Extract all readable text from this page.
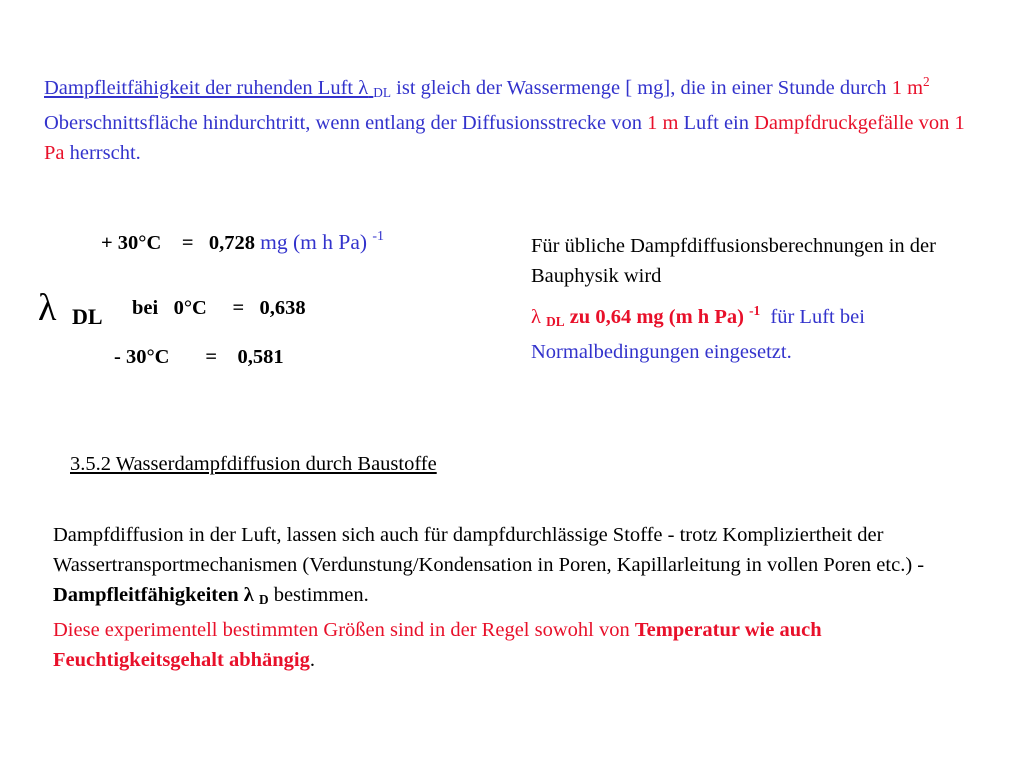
Dampfleitfähigkeit der ruhenden Luft λ $_{DL}$ ist gleich der Wassermenge [ mg], die in einer Stunde durch 1 $m^2$ Oberschnittsfläche hindurchtritt, wenn entlang der Diffusionsstrecke von 1 m Luft ein Dampfdruckgefälle von 1 Pa herrscht.
+ 30°C = 0,728 mg (m h Pa) $^{-1}$
λ DL bei 0°C = 0,638
- 30°C = 0,581
Für übliche Dampfdiffusionsberechnungen in der Bauphysik wird
λ $_{DL}$ zu 0,64 mg (m h Pa) $^{-1}$ für Luft bei Normalbedingungen eingesetzt.
3.5.2 Wasserdampfdiffusion durch Baustoffe
Dampfdiffusion in der Luft, lassen sich auch für dampfdurchlässige Stoffe - trotz Kompliziertheit der Wassertransportmechanismen (Verdunstung/Kondensation in Poren, Kapillarleitung in vollen Poren etc.) - Dampfleitfähigkeiten λ $_D$ bestimmen.
Diese experimentell bestimmten Größen sind in der Regel sowohl von Temperatur wie auch Feuchtigkeitsgehalt abhängig.
